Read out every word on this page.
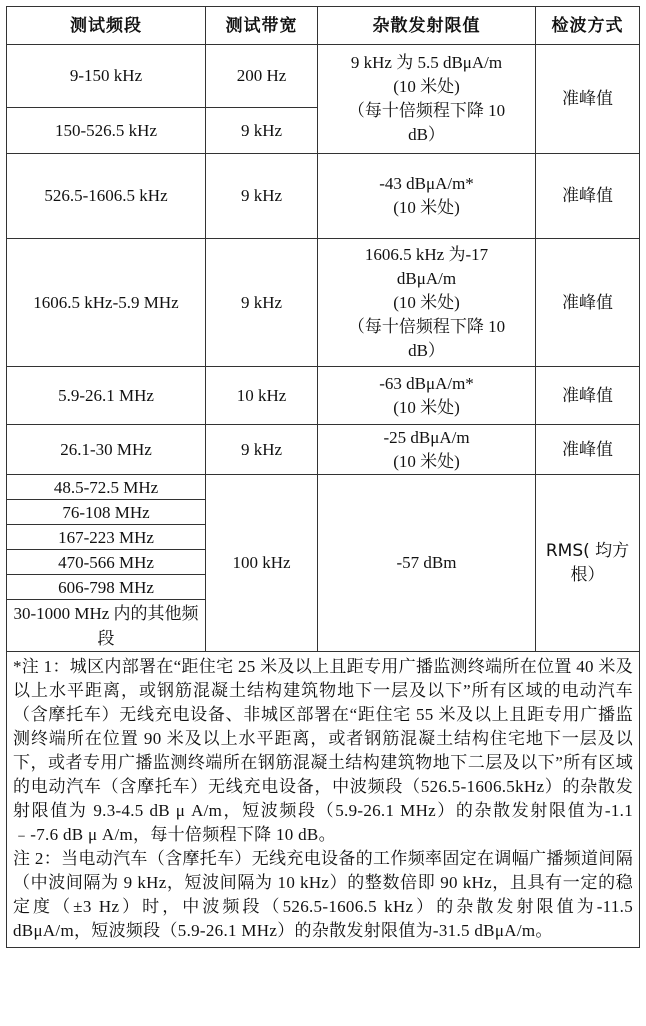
测试频段	测试带宽	杂散发射限值	检波方式
9-150 kHz	200 Hz	9 kHz 为 5.5 dBμA/m
(10 米处)
（每十倍频程下降 10
dB）	准峰值
150-526.5 kHz	9 kHz		
526.5-1606.5 kHz	9 kHz	-43 dBμA/m*
(10 米处)	准峰值
1606.5 kHz-5.9 MHz	9 kHz	1606.5 kHz 为-17
dBμA/m
(10 米处)
（每十倍频程下降 10
dB）	准峰值
5.9-26.1 MHz	10 kHz	-63 dBμA/m*
(10 米处)	准峰值
26.1-30 MHz	9 kHz	-25 dBμA/m
(10 米处)	准峰值
48.5-72.5 MHz	100 kHz	-57 dBm	RMS( 均方
根）

76-108 MHz			
167-223 MHz			
470-566 MHz			
606-798 MHz			
30-1000 MHz 内的其他频段			

*注 1：城区内部署在“距住宅 25 米及以上且距专用广播监测终端所在位置 40 米及以上水平距离，或钢筋混凝土结构建筑物地下一层及以下”所有区域的电动汽车（含摩托车）无线充电设备、非城区部署在“距住宅 55 米及以上且距专用广播监测终端所在位置 90 米及以上水平距离，或者钢筋混凝土结构住宅地下一层及以下，或者专用广播监测终端所在钢筋混凝土结构建筑物地下二层及以下”所有区域的电动汽车（含摩托车）无线充电设备，中波频段（526.5-1606.5kHz）的杂散发射限值为 9.3-4.5 dB μ A/m，短波频段（5.9-26.1 MHz）的杂散发射限值为-1.1﹣-7.6 dB μ A/m，每十倍频程下降 10 dB。
注 2：当电动汽车（含摩托车）无线充电设备的工作频率固定在调幅广播频道间隔（中波间隔为 9 kHz，短波间隔为 10 kHz）的整数倍即 90 kHz，且具有一定的稳定度（±3 Hz）时，中波频段（526.5-1606.5 kHz）的杂散发射限值为-11.5 dBμA/m，短波频段（5.9-26.1 MHz）的杂散发射限值为-31.5 dBμA/m。			
